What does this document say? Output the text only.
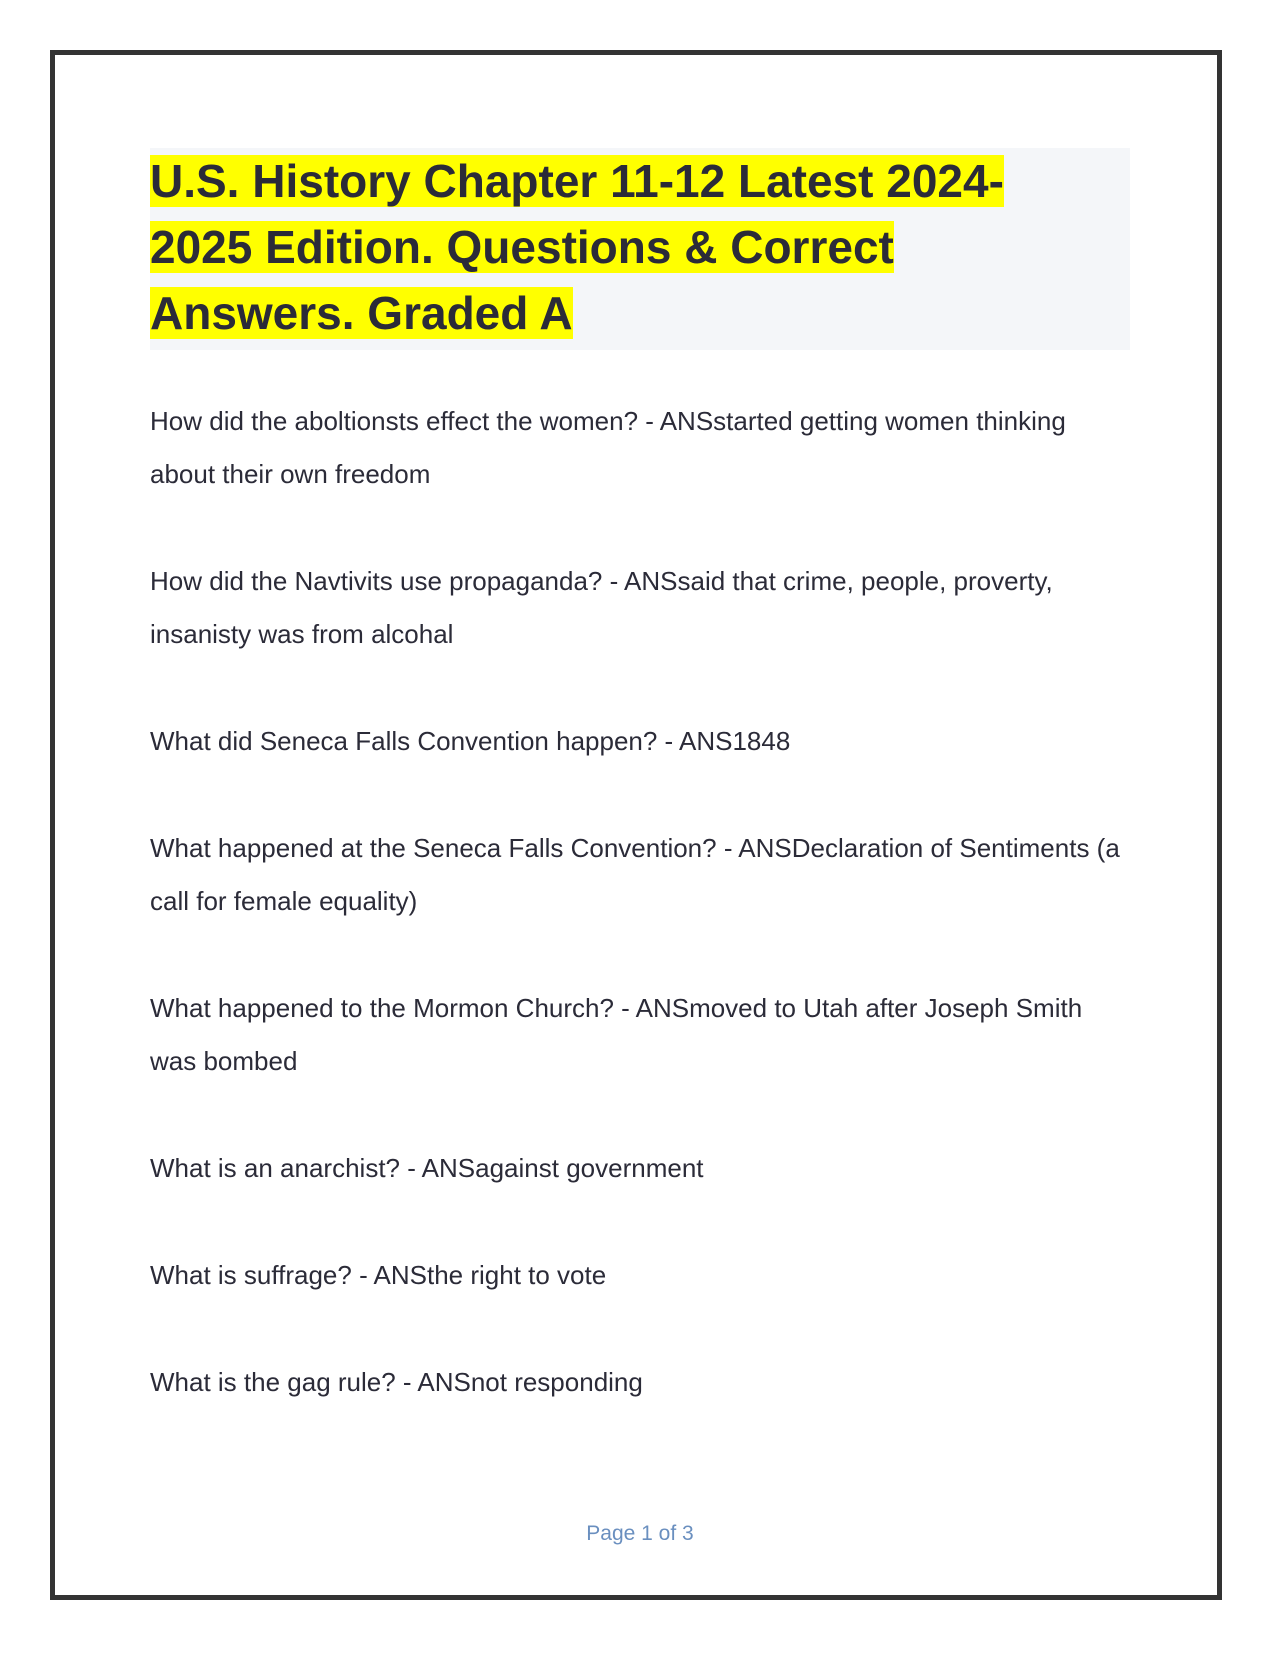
U.S. History Chapter 11-12 Latest 2024-2025 Edition. Questions & Correct Answers. Graded A
How did the aboltionsts effect the women? - ANSstarted getting women thinking about their own freedom
How did the Navtivits use propaganda? - ANSsaid that crime, people, proverty, insanisty was from alcohal
What did Seneca Falls Convention happen? - ANS1848
What happened at the Seneca Falls Convention? - ANSDeclaration of Sentiments (a call for female equality)
What happened to the Mormon Church? - ANSmoved to Utah after Joseph Smith was bombed
What is an anarchist? - ANSagainst government
What is suffrage? - ANSthe right to vote
What is the gag rule? - ANSnot responding
Page 1 of 3
